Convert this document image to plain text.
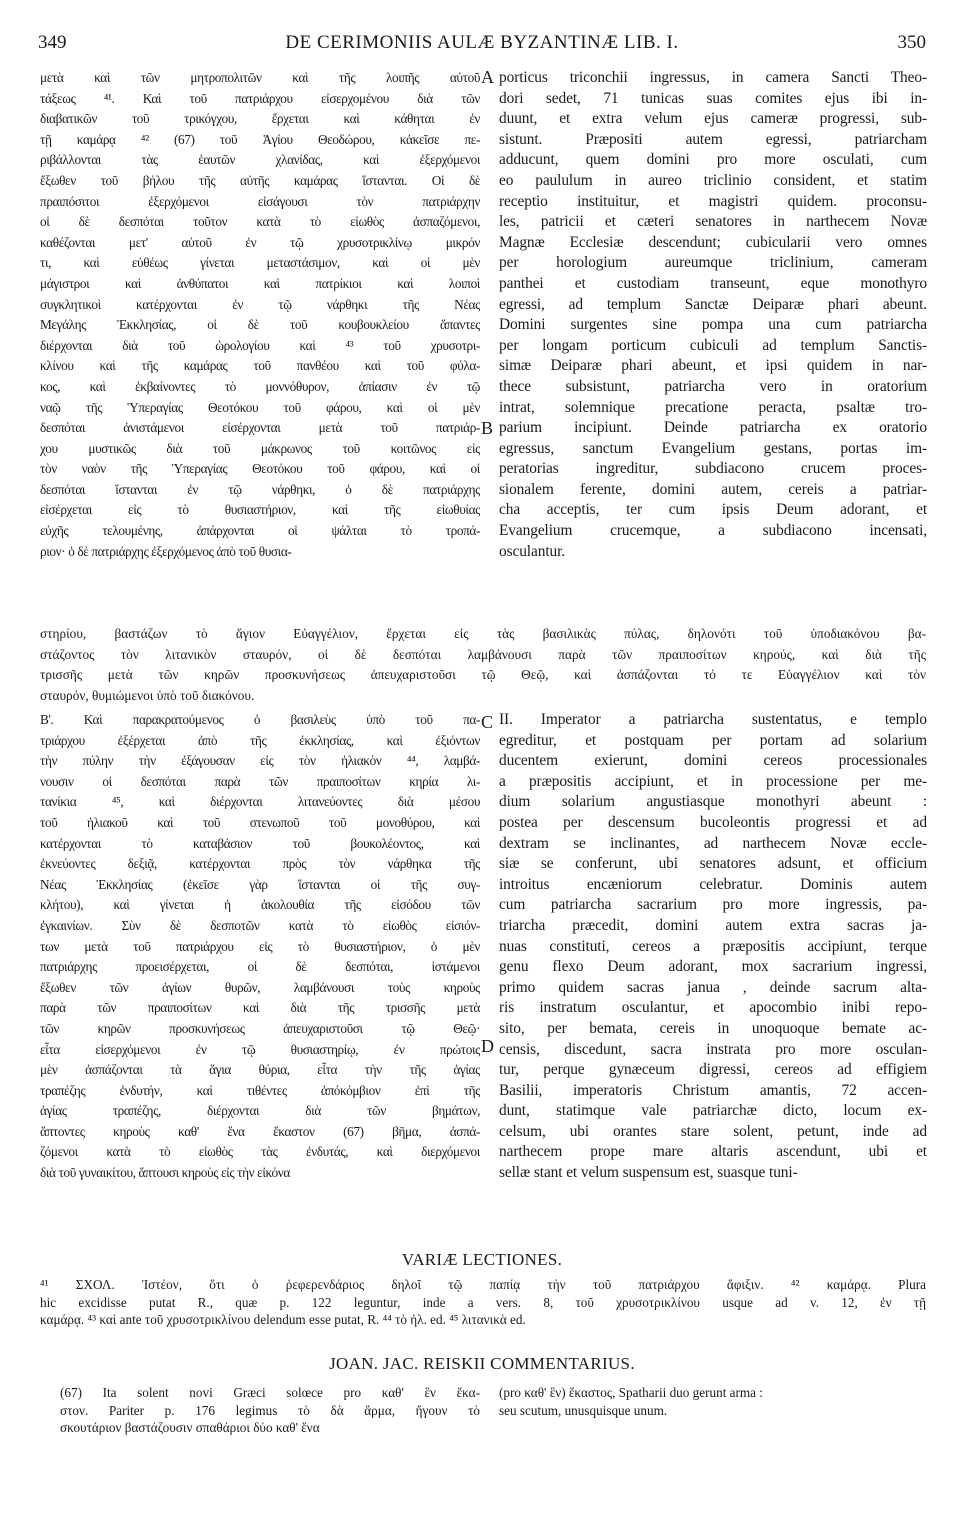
349	DE CERIMONIIS AULÆ BYZANTINÆ LIB. I.	350
μετὰ καὶ τῶν μητροπολιτῶν καὶ τῆς λοιπῆς αὐτοῦ
τάξεως ⁴¹. Καὶ τοῦ πατριάρχου εἰσερχομένου διὰ τῶν
διαβατικῶν τοῦ τρικόγχου, ἔρχεται καὶ κάθηται ἐν
τῇ καμάρᾳ ⁴² (67) τοῦ Ἁγίου Θεοδώρου, κἀκεῖσε πε-
ριβάλλονται τὰς ἑαυτῶν χλανίδας, καὶ ἐξερχόμενοι
ἔξωθεν τοῦ βήλου τῆς αὐτῆς καμάρας ἵστανται. Οἱ δὲ
πραιπόσιτοι ἐξερχόμενοι εἰσάγουσι τὸν πατριάρχην
οἱ δὲ δεσπόται τοῦτον κατὰ τὸ εἰωθὸς ἀσπαζόμενοι,
καθέζονται μετ' αὐτοῦ ἐν τῷ χρυσοτρικλίνῳ μικρόν
τι, καὶ εὐθέως γίνεται μεταστάσιμον, καὶ οἱ μὲν
μάγιστροι καὶ ἀνθύπατοι καὶ πατρίκιοι καὶ λοιποὶ
συγκλητικοὶ κατέρχονται ἐν τῷ νάρθηκι τῆς Νέας
Μεγάλης Ἐκκλησίας, οἱ δὲ τοῦ κουβουκλείου ἅπαντες
διέρχονται διὰ τοῦ ὡρολογίου καὶ ⁴³ τοῦ χρυσοτρι-
κλίνου καὶ τῆς καμάρας τοῦ πανθέου καὶ τοῦ φύλα-
κος, καὶ ἐκβαίνοντες τὸ μοννόθυρον, ἀπίασιν ἐν τῷ
ναῷ τῆς Ὑπεραγίας Θεοτόκου τοῦ φάρου, καὶ οἱ μὲν
δεσπόται ἀνιστάμενοι εἰσέρχονται μετὰ τοῦ πατριάρ-
χου μυστικῶς διὰ τοῦ μάκρωνος τοῦ κοιτῶνος εἰς
τὸν ναὸν τῆς Ὑπεραγίας Θεοτόκου τοῦ φάρου, καὶ οἱ
δεσπόται ἵστανται ἐν τῷ νάρθηκι, ὁ δὲ πατριάρχης
εἰσέρχεται εἰς τὸ θυσιαστήριον, καὶ τῆς εἰωθυίας
εὐχῆς τελουμένης, ἀπάρχονται οἱ ψάλται τὸ τροπά-
ριον· ὁ δὲ πατριάρχης ἐξερχόμενος ἀπὸ τοῦ θυσια-
porticus triconchii ingressus, in camera Sancti Theo-
dori sedet, 71 tunicas suas comites ejus ibi in-
duunt, et extra velum ejus cameræ progressi, sub-
sistunt. Præpositi autem egressi, patriarcham
adducunt, quem domini pro more osculati, cum
eo paululum in aureo triclinio consident, et statim
receptio instituitur, et magistri quidem. proconsu-
les, patricii et cæteri senatores in narthecem Novæ
Magnæ Ecclesiæ descendunt; cubicularii vero omnes
per horologium aureumque triclinium, cameram
panthei et custodiam transeunt, eque monothyro
egressi, ad templum Sanctæ Deiparæ phari abeunt.
Domini surgentes sine pompa una cum patriarcha
per longam porticum cubiculi ad templum Sanctis-
simæ Deiparæ phari abeunt, et ipsi quidem in nar-
thece subsistunt, patriarcha vero in oratorium
intrat, solemnique precatione peracta, psaltæ tro-
parium incipiunt. Deinde patriarcha ex oratorio
egressus, sanctum Evangelium gestans, portas im-
peratorias ingreditur, subdiacono crucem proces-
sionalem ferente, domini autem, cereis a patriar-
cha acceptis, ter cum ipsis Deum adorant, et
Evangelium crucemque, a subdiacono incensati,
osculantur.
A
B
στηρίου, βαστάζων τὸ ἅγιον Εὐαγγέλιον, ἔρχεται εἰς τὰς βασιλικὰς πύλας, δηλονότι τοῦ ὑποδιακόνου βα-
στάζοντος τὸν λιτανικὸν σταυρόν, οἱ δὲ δεσπόται λαμβάνουσι παρὰ τῶν πραιποσίτων κηρούς, καὶ διὰ τῆς
τρισσῆς μετὰ τῶν κηρῶν προσκυνήσεως ἀπευχαριστοῦσι τῷ Θεῷ, καὶ ἀσπάζονται τό τε Εὐαγγέλιον καὶ τὸν
σταυρόν, θυμιώμενοι ὑπὸ τοῦ διακόνου.
Β'. Καὶ παρακρατούμενος ὁ βασιλεὺς ὑπὸ τοῦ πα-
τριάρχου ἐξέρχεται ἀπὸ τῆς ἐκκλησίας, καὶ ἐξιόντων
τὴν πύλην τὴν ἐξάγουσαν εἰς τὸν ἡλιακὸν ⁴⁴, λαμβά-
νουσιν οἱ δεσπόται παρὰ τῶν πραιποσίτων κηρία λι-
τανίκια ⁴⁵, καὶ διέρχονται λιτανεύοντες διὰ μέσου
τοῦ ἡλιακοῦ καὶ τοῦ στενωποῦ τοῦ μονοθύρου, καὶ
κατέρχονται τὸ καταβάσιον τοῦ βουκολέοντος, καὶ
ἐκνεύοντες δεξιᾷ, κατέρχονται πρὸς τὸν νάρθηκα τῆς
Νέας Ἐκκλησίας (ἐκεῖσε γὰρ ἵστανται οἱ τῆς συγ-
κλήτου), καὶ γίνεται ἡ ἀκολουθία τῆς εἰσόδου τῶν
ἐγκαινίων. Σὺν δὲ δεσποτῶν κατὰ τὸ εἰωθὸς εἰσιόν-
των μετὰ τοῦ πατριάρχου εἰς τὸ θυσιαστήριον, ὁ μὲν
πατριάρχης προεισέρχεται, οἱ δὲ δεσπόται, ἱστάμενοι
ἔξωθεν τῶν ἁγίων θυρῶν, λαμβάνουσι τοὺς κηροὺς
παρὰ τῶν πραιποσίτων καὶ διὰ τῆς τρισσῆς μετὰ
τῶν κηρῶν προσκυνήσεως ἀπευχαριστοῦσι τῷ Θεῷ·
εἶτα εἰσερχόμενοι ἐν τῷ θυσιαστηρίῳ, ἐν πρώτοις
μὲν ἀσπάζονται τὰ ἅγια θύρια, εἶτα τὴν τῆς ἁγίας
τραπέζης ἐνδυτήν, καὶ τιθέντες ἀπόκόμβιον ἐπὶ τῆς
ἁγίας τραπέζης, διέρχονται διὰ τῶν βημάτων,
ἅπτοντες κηροὺς καθ' ἕνα ἕκαστον (67) βῆμα, ἀσπά-
ζόμενοι κατὰ τὸ εἰωθὸς τὰς ἐνδυτάς, καὶ διερχόμενοι
διὰ τοῦ γυναικίτου, ἅπτουσι κηροὺς εἰς τὴν εἰκόνα
II. Imperator a patriarcha sustentatus, e templo
egreditur, et postquam per portam ad solarium
ducentem exierunt, domini cereos processionales
a præpositis accipiunt, et in processione per me-
dium solarium angustiasque monothyri abeunt :
postea per descensum bucoleontis progressi et ad
dextram se inclinantes, ad narthecem Novæ eccle-
siæ se conferunt, ubi senatores adsunt, et officium
introitus encæniorum celebratur. Dominis autem
cum patriarcha sacrarium pro more ingressis, pa-
triarcha præcedit, domini autem extra sacras ja-
nuas constituti, cereos a præpositis accipiunt, terque
genu flexo Deum adorant, mox sacrarium ingressi,
primo quidem sacras janua , deinde sacrum alta-
ris instratum osculantur, et apocombio inibi repo-
sito, per bemata, cereis in unoquoque bemate ac-
censis, discedunt, sacra instrata pro more osculan-
tur, perque gynæceum digressi, cereos ad effigiem
Basilii, imperatoris Christum amantis, 72 accen-
dunt, statimque vale patriarchæ dicto, locum ex-
celsum, ubi orantes stare solent, petunt, inde ad
narthecem prope mare altaris ascendunt, ubi et
sellæ stant et velum suspensum est, suasque tuni-
C
D
VARIÆ LECTIONES.
⁴¹ ΣΧΟΛ. Ἰστέον, ὅτι ὁ ῥεφερενδάριος δηλοῖ τῷ παπίᾳ τὴν τοῦ πατριάρχου ἄφιξιν. ⁴² καμάρᾳ. Plura
hic excidisse putat R., quæ p. 122 leguntur, inde a vers. 8, τοῦ χρυσοτρικλίνου usque ad v. 12, ἐν τῇ
καμάρᾳ. ⁴³ καὶ ante τοῦ χρυσοτρικλίνου delendum esse putat, R. ⁴⁴ τὸ ἡλ. ed. ⁴⁵ λιτανικὰ ed.
JOAN. JAC. REISKII COMMENTARIUS.
(67) Ita solent novi Græci solœce pro καθ' ἓν ἕκα-
στον. Pariter p. 176 legimus τὸ δὰ ἅρμα, ἤγουν τὸ
σκουτάριον βαστάζουσιν σπαθάριοι δύο καθ' ἕνα
(pro καθ' ἓν) ἕκαστος, Spatharii duo gerunt arma :
seu scutum, unusquisque unum.
